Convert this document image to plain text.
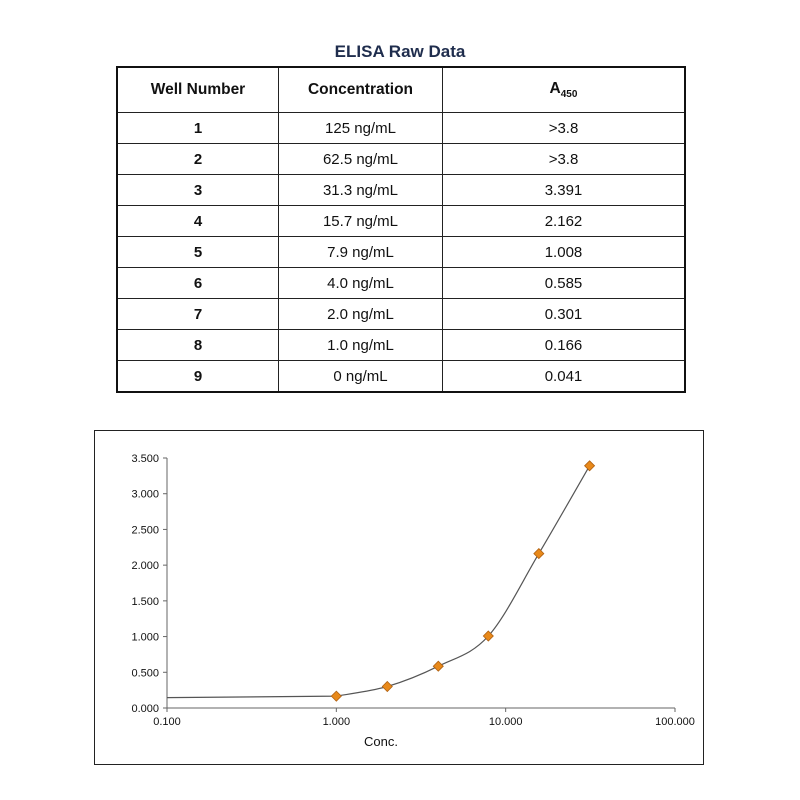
ELISA Raw Data
Well Number	Concentration	$A_{450}$
1	125 ng/mL	>3.8
2	62.5 ng/mL	>3.8
3	31.3 ng/mL	3.391
4	15.7 ng/mL	2.162
5	7.9 ng/mL	1.008
6	4.0 ng/mL	0.585
7	2.0 ng/mL	0.301
8	1.0 ng/mL	0.166
9	0 ng/mL	0.041
0.000
0.500
1.000
1.500
2.000
2.500
3.000
3.500
0.100	1.000	10.000	100.000
Conc.
